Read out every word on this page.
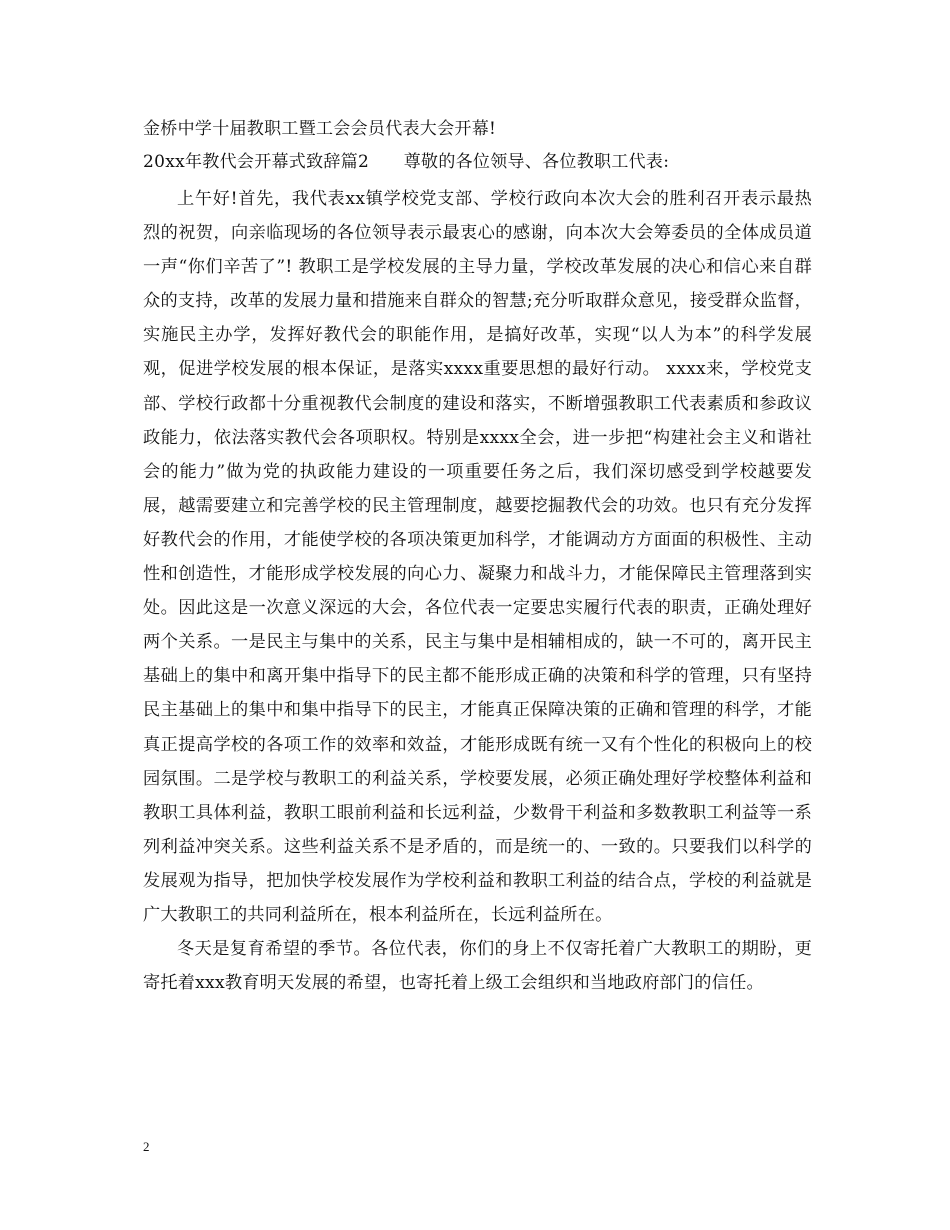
金桥中学十届教职工暨工会会员代表大会开幕!
20xx年教代会开幕式致辞篇2　　尊敬的各位领导、各位教职工代表:

上午好!首先，我代表xx镇学校党支部、学校行政向本次大会的胜利召开表示最热烈的祝贺，向亲临现场的各位领导表示最衷心的感谢，向本次大会筹委员的全体成员道一声“你们辛苦了”! 教职工是学校发展的主导力量，学校改革发展的决心和信心来自群众的支持，改革的发展力量和措施来自群众的智慧;充分听取群众意见，接受群众监督，实施民主办学，发挥好教代会的职能作用，是搞好改革，实现“以人为本”的科学发展观，促进学校发展的根本保证，是落实xxxx重要思想的最好行动。 xxxx来，学校党支部、学校行政都十分重视教代会制度的建设和落实，不断增强教职工代表素质和参政议政能力，依法落实教代会各项职权。特别是xxxx全会，进一步把“构建社会主义和谐社会的能力”做为党的执政能力建设的一项重要任务之后，我们深切感受到学校越要发展，越需要建立和完善学校的民主管理制度，越要挖掘教代会的功效。也只有充分发挥好教代会的作用，才能使学校的各项决策更加科学，才能调动方方面面的积极性、主动性和创造性，才能形成学校发展的向心力、凝聚力和战斗力，才能保障民主管理落到实处。因此这是一次意义深远的大会，各位代表一定要忠实履行代表的职责，正确处理好两个关系。一是民主与集中的关系，民主与集中是相辅相成的，缺一不可的，离开民主基础上的集中和离开集中指导下的民主都不能形成正确的决策和科学的管理，只有坚持民主基础上的集中和集中指导下的民主，才能真正保障决策的正确和管理的科学，才能真正提高学校的各项工作的效率和效益，才能形成既有统一又有个性化的积极向上的校园氛围。二是学校与教职工的利益关系，学校要发展，必须正确处理好学校整体利益和教职工具体利益，教职工眼前利益和长远利益，少数骨干利益和多数教职工利益等一系列利益冲突关系。这些利益关系不是矛盾的，而是统一的、一致的。只要我们以科学的发展观为指导，把加快学校发展作为学校利益和教职工利益的结合点，学校的利益就是广大教职工的共同利益所在，根本利益所在，长远利益所在。

冬天是复育希望的季节。各位代表，你们的身上不仅寄托着广大教职工的期盼，更寄托着xxx教育明天发展的希望，也寄托着上级工会组织和当地政府部门的信任。

2
